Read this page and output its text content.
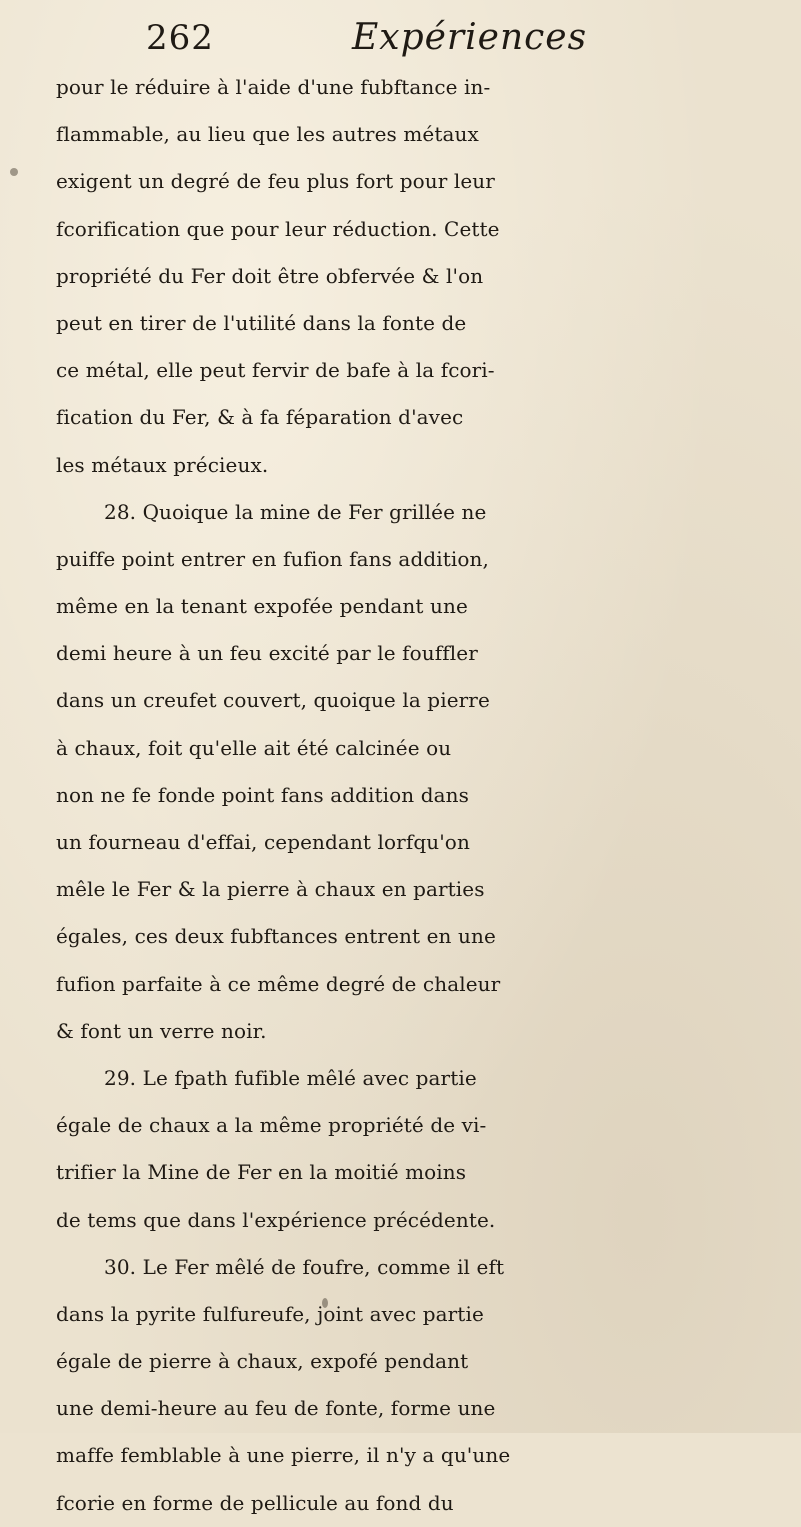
262	Expériences
pour le réduire à l'aide d'une fubftance in-
flammable, au lieu que les autres métaux
exigent un degré de feu plus fort pour leur
fcorification que pour leur réduction. Cette
propriété du Fer doit être obfervée & l'on
peut en tirer de l'utilité dans la fonte de
ce métal, elle peut fervir de bafe à la fcori-
fication du Fer, & à fa féparation d'avec
les métaux précieux.
28. Quoique la mine de Fer grillée ne
puiffe point entrer en fufion fans addition,
même en la tenant expofée pendant une
demi heure à un feu excité par le fouffler
dans un creufet couvert, quoique la pierre
à chaux, foit qu'elle ait été calcinée ou
non ne fe fonde point fans addition dans
un fourneau d'effai, cependant lorfqu'on
mêle le Fer & la pierre à chaux en parties
égales, ces deux fubftances entrent en une
fufion parfaite à ce même degré de chaleur
& font un verre noir.
29. Le fpath fufible mêlé avec partie
égale de chaux a la même propriété de vi-
trifier la Mine de Fer en la moitié moins
de tems que dans l'expérience précédente.
30. Le Fer mêlé de foufre, comme il eft
dans la pyrite fulfureufe, joint avec partie
égale de pierre à chaux, expofé pendant
une demi-heure au feu de fonte, forme une
maffe femblable à une pierre, il n'y a qu'une
fcorie en forme de pellicule au fond du
